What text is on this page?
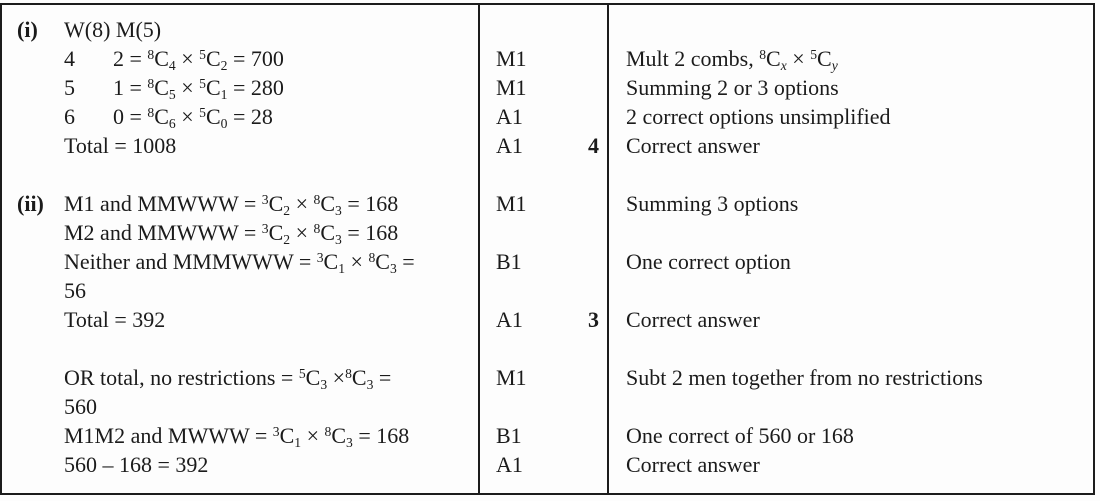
(i) W(8) M(5)
4 2 = $^8$C4 × $^5$C2 = 700	M1	Mult 2 combs, $^8$Cx × $^5$Cy
5 1 = $^8$C5 × $^5$C1 = 280	M1	Summing 2 or 3 options
6 0 = $^8$C6 × $^5$C0 = 28	A1	2 correct options unsimplified
Total = 1008	A1	4	Correct answer
(ii) M1 and MMWWW = $^3$C2 × $^8$C3 = 168	M1	Summing 3 options
M2 and MMWWW = $^3$C2 × $^8$C3 = 168
Neither and MMMWWW = $^3$C1 × $^8$C3 =	B1	One correct option
56
Total = 392	A1	3	Correct answer
OR total, no restrictions = $^5$C3 ×$^8$C3 =	M1	Subt 2 men together from no restrictions
560
M1M2 and MWWW = $^3$C1 × $^8$C3 = 168	B1	One correct of 560 or 168
560 – 168 = 392	A1	Correct answer
